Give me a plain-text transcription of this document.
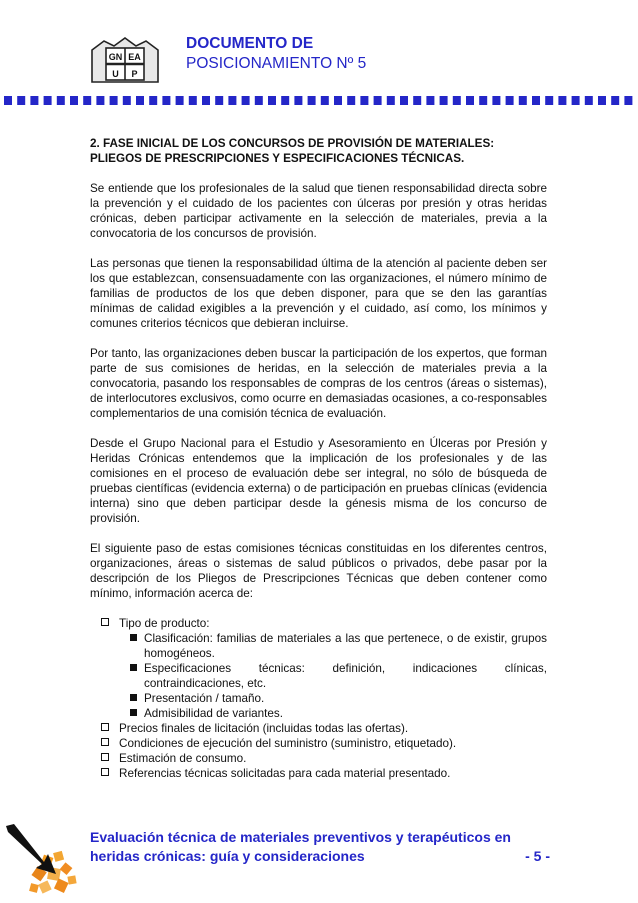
GN EA
U P
DOCUMENTO DE
POSICIONAMIENTO Nº 5
2. FASE INICIAL DE LOS CONCURSOS DE PROVISIÓN DE MATERIALES: PLIEGOS DE PRESCRIPCIONES Y ESPECIFICACIONES TÉCNICAS.

Se entiende que los profesionales de la salud que tienen responsabilidad directa sobre la prevención y el cuidado de los pacientes con úlceras por presión y otras heridas crónicas, deben participar activamente en la selección de materiales, previa a la convocatoria de los concursos de provisión.

Las personas que tienen la responsabilidad última de la atención al paciente deben ser los que establezcan, consensuadamente con las organizaciones, el número mínimo de familias de productos de los que deben disponer, para que se den las garantías mínimas de calidad exigibles a la prevención y el cuidado, así como, los mínimos y comunes criterios técnicos que debieran incluirse.

Por tanto, las organizaciones deben buscar la participación de los expertos, que forman parte de sus comisiones de heridas, en la selección de materiales previa a la convocatoria, pasando los responsables de compras de los centros (áreas o sistemas), de interlocutores exclusivos, como ocurre en demasiadas ocasiones, a co-responsables complementarios de una comisión técnica de evaluación.

Desde el Grupo Nacional para el Estudio y Asesoramiento en Úlceras por Presión y Heridas Crónicas entendemos que la implicación de los profesionales y de las comisiones en el proceso de evaluación debe ser integral, no sólo de búsqueda de pruebas científicas (evidencia externa) o de participación en pruebas clínicas (evidencia interna) sino que deben participar desde la génesis misma de los concurso de provisión.

El siguiente paso de estas comisiones técnicas constituidas en los diferentes centros, organizaciones, áreas o sistemas de salud públicos o privados, debe pasar por la descripción de los Pliegos de Prescripciones Técnicas que deben contener como mínimo, información acerca de:

Tipo de producto:
Clasificación: familias de materiales a las que pertenece, o de existir, grupos homogéneos.
Especificaciones técnicas: definición, indicaciones clínicas, contraindicaciones, etc.
Presentación / tamaño.
Admisibilidad de variantes.
Precios finales de licitación (incluidas todas las ofertas).
Condiciones de ejecución del suministro (suministro, etiquetado).
Estimación de consumo.
Referencias técnicas solicitadas para cada material presentado.
Evaluación técnica de materiales preventivos y terapéuticos en
heridas crónicas: guía y consideraciones	- 5 -
